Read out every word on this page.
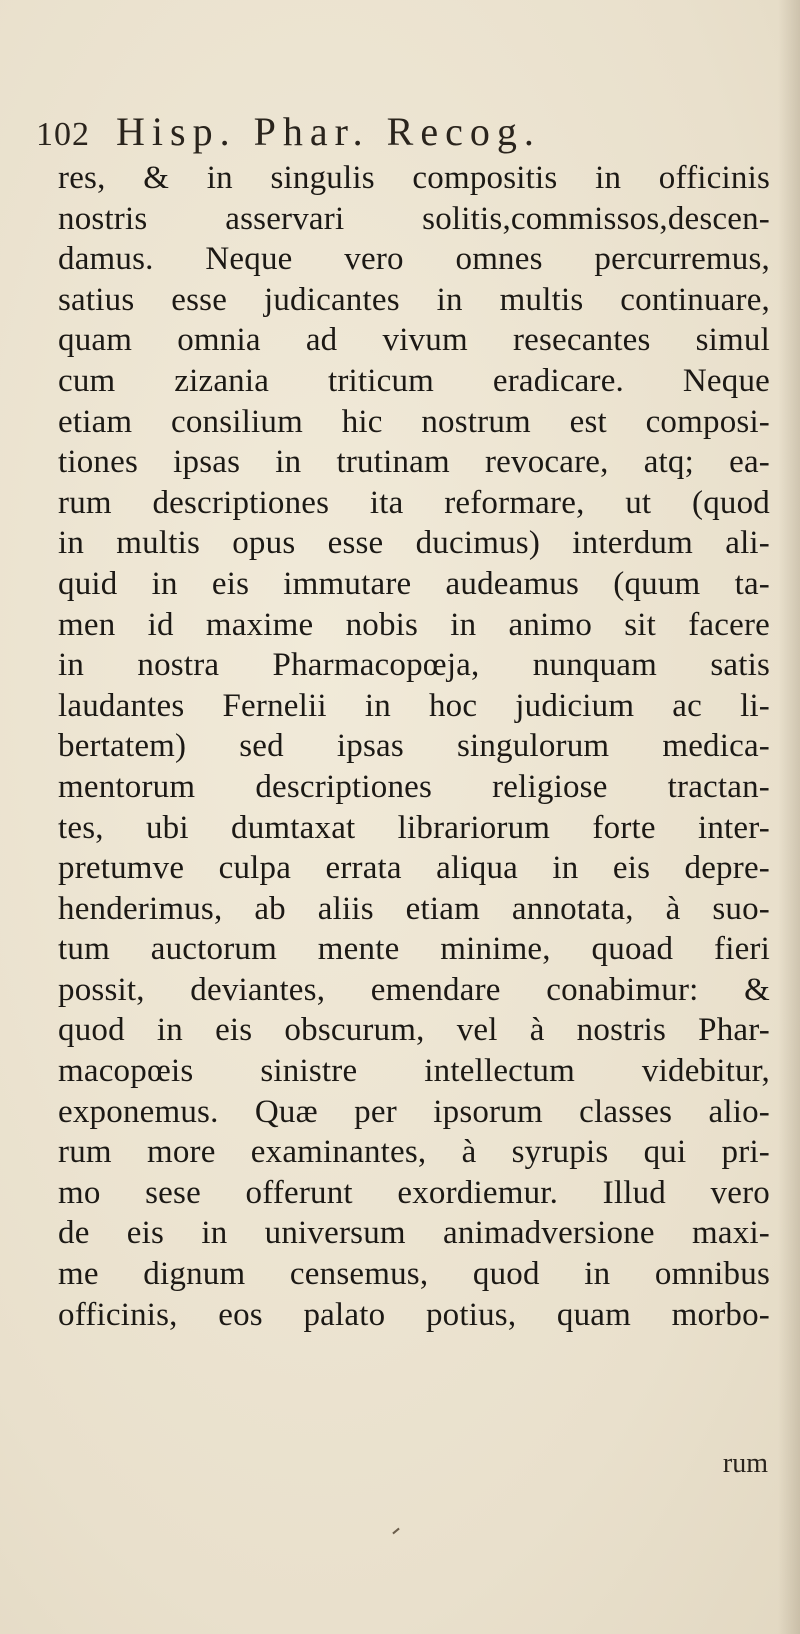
102 Hisp. Phar. Recog.
res, & in singulis compositis in officinis
nostris asservari solitis,commissos,descen-
damus. Neque vero omnes percurremus,
satius esse judicantes in multis continuare,
quam omnia ad vivum resecantes simul
cum zizania triticum eradicare. Neque
etiam consilium hic nostrum est composi-
tiones ipsas in trutinam revocare, atq; ea-
rum descriptiones ita reformare, ut (quod
in multis opus esse ducimus) interdum ali-
quid in eis immutare audeamus (quum ta-
men id maxime nobis in animo sit facere
in nostra Pharmacopœja, nunquam satis
laudantes Fernelii in hoc judicium ac li-
bertatem) sed ipsas singulorum medica-
mentorum descriptiones religiose tractan-
tes, ubi dumtaxat librariorum forte inter-
pretumve culpa errata aliqua in eis depre-
henderimus, ab aliis etiam annotata, à suo-
tum auctorum mente minime, quoad fieri
possit, deviantes, emendare conabimur: &
quod in eis obscurum, vel à nostris Phar-
macopœis sinistre intellectum videbitur,
exponemus. Quæ per ipsorum classes alio-
rum more examinantes, à syrupis qui pri-
mo sese offerunt exordiemur. Illud vero
de eis in universum animadversione maxi-
me dignum censemus, quod in omnibus
officinis, eos palato potius, quam morbo-
rum
